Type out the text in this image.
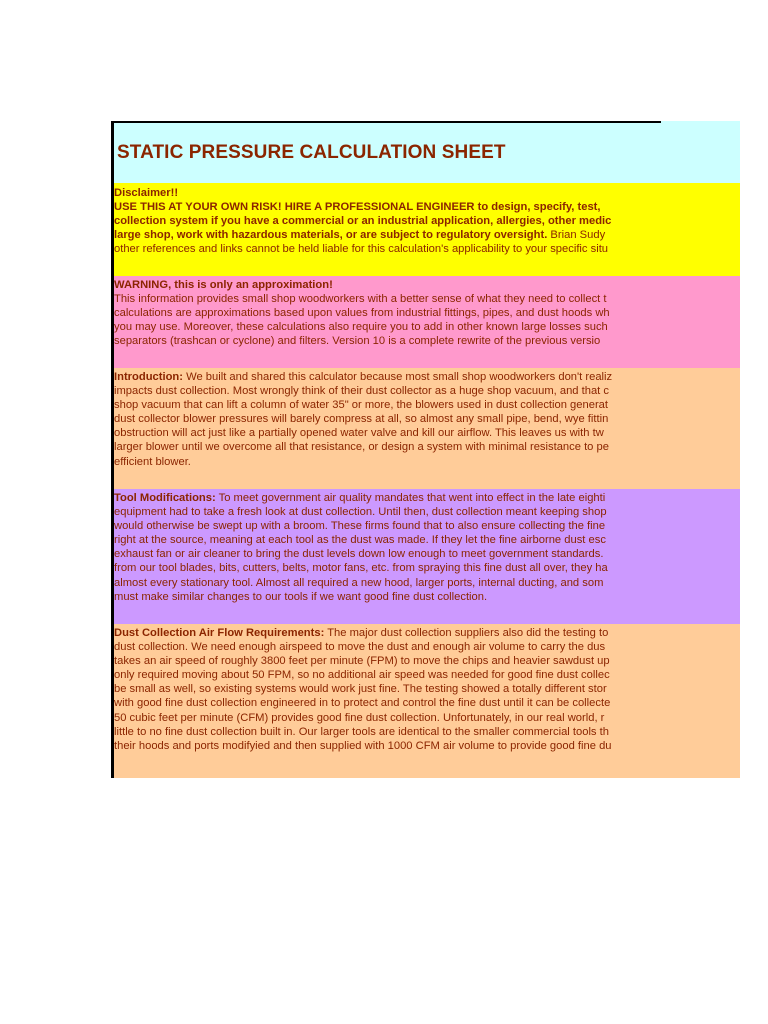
STATIC PRESSURE CALCULATION SHEET
Disclaimer!!
USE THIS AT YOUR OWN RISK! HIRE A PROFESSIONAL ENGINEER to design, specify, test,
collection system if you have a commercial or an industrial application, allergies, other medic
large shop, work with hazardous materials, or are subject to regulatory oversight. Brian Sudy
other references and links cannot be held liable for this calculation's applicability to your specific situ
WARNING, this is only an approximation!
This information provides small shop woodworkers with a better sense of what they need to collect t
calculations are approximations based upon values from industrial fittings, pipes, and dust hoods wh
you may use. Moreover, these calculations also require you to add in other known large losses such
separators (trashcan or cyclone) and filters. Version 10 is a complete rewrite of the previous versio
Introduction: We built and shared this calculator because most small shop woodworkers don't realiz
impacts dust collection. Most wrongly think of their dust collector as a huge shop vacuum, and that c
shop vacuum that can lift a column of water 35" or more, the blowers used in dust collection generat
dust collector blower pressures will barely compress at all, so almost any small pipe, bend, wye fittin
obstruction will act just like a partially opened water valve and kill our airflow. This leaves us with tw
larger blower until we overcome all that resistance, or design a system with minimal resistance to pe
efficient blower.
Tool Modifications: To meet government air quality mandates that went into effect in the late eighti
equipment had to take a fresh look at dust collection. Until then, dust collection meant keeping shop
would otherwise be swept up with a broom. These firms found that to also ensure collecting the fine
right at the source, meaning at each tool as the dust was made. If they let the fine airborne dust esc
exhaust fan or air cleaner to bring the dust levels down low enough to meet government standards.
from our tool blades, bits, cutters, belts, motor fans, etc. from spraying this fine dust all over, they ha
almost every stationary tool. Almost all required a new hood, larger ports, internal ducting, and som
must make similar changes to our tools if we want good fine dust collection.
Dust Collection Air Flow Requirements: The major dust collection suppliers also did the testing to
dust collection. We need enough airspeed to move the dust and enough air volume to carry the dus
takes an air speed of roughly 3800 feet per minute (FPM) to move the chips and heavier sawdust up
only required moving about 50 FPM, so no additional air speed was needed for good fine dust collec
be small as well, so existing systems would work just fine. The testing showed a totally different stor
with good fine dust collection engineered in to protect and control the fine dust until it can be collecte
50 cubic feet per minute (CFM) provides good fine dust collection. Unfortunately, in our real world, r
little to no fine dust collection built in. Our larger tools are identical to the smaller commercial tools th
their hoods and ports modifyied and then supplied with 1000 CFM air volume to provide good fine du
